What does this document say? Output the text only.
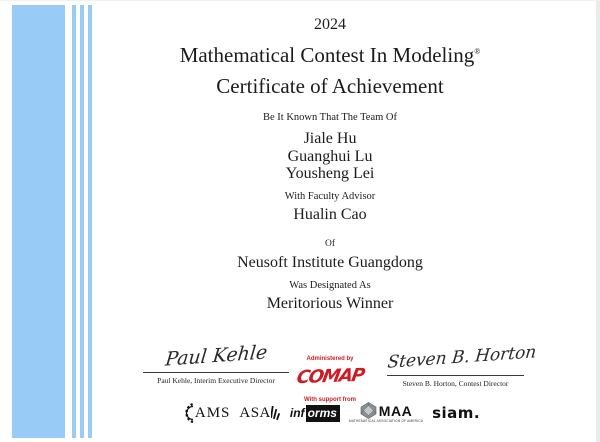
2024
Mathematical Contest In Modeling®
Certificate of Achievement
Be It Known That The Team Of
Jiale Hu
Guanghui Lu
Yousheng Lei
With Faculty Advisor
Hualin Cao
Of
Neusoft Institute Guangdong
Was Designated As
Meritorious Winner
Paul Kehle
Paul Kehle, Interim Executive Director
Administered by
COMAP
With support from
Steven B. Horton
Steven B. Horton, Contest Director
AMS ASA inf orms	MAA
MATHEMATICAL ASSOCIATION OF AMERICA siam.
